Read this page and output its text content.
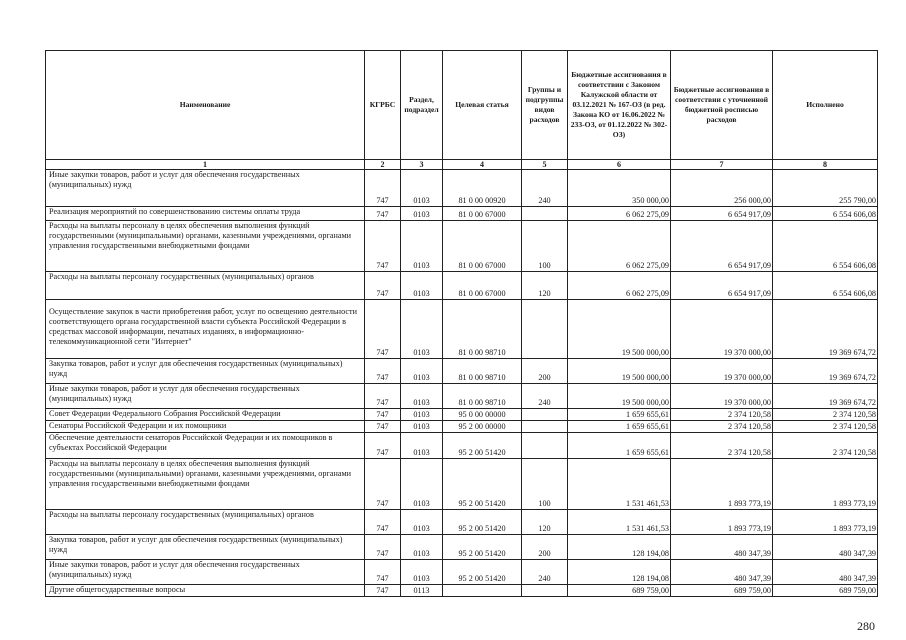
Наименование	КГРБС	Раздел, подраздел	Целевая статья	Группы и подгруппы видов расходов	Бюджетные ассигнования в соответствии с Законом Калужской области от 03.12.2021 № 167-ОЗ (в ред. Закона КО от 16.06.2022 № 233-ОЗ, от 01.12.2022 № 302-ОЗ)	Бюджетные ассигнования в соответствии с уточненной бюджетной росписью расходов	Исполнено
1	2	3	4	5	6	7	8
Иные закупки товаров, работ и услуг для обеспечения государственных (муниципальных) нужд	747	0103	81 0 00 00920	240	350 000,00	256 000,00	255 790,00
Реализация мероприятий по совершенствованию системы оплаты труда	747	0103	81 0 00 67000		6 062 275,09	6 654 917,09	6 554 606,08
Расходы на выплаты персоналу в целях обеспечения выполнения функций государственными (муниципальными) органами, казенными учреждениями, органами управления государственными внебюджетными фондами	747	0103	81 0 00 67000	100	6 062 275,09	6 654 917,09	6 554 606,08
Расходы на выплаты персоналу государственных (муниципальных) органов	747	0103	81 0 00 67000	120	6 062 275,09	6 654 917,09	6 554 606,08
Осуществление закупок в части приобретения работ, услуг по освещению деятельности соответствующего органа государственной власти субъекта Российской Федерации в средствах массовой информации, печатных изданиях, в информационно-телекоммуникационной сети "Интернет"	747	0103	81 0 00 98710		19 500 000,00	19 370 000,00	19 369 674,72
Закупка товаров, работ и услуг для обеспечения государственных (муниципальных) нужд	747	0103	81 0 00 98710	200	19 500 000,00	19 370 000,00	19 369 674,72
Иные закупки товаров, работ и услуг для обеспечения государственных (муниципальных) нужд	747	0103	81 0 00 98710	240	19 500 000,00	19 370 000,00	19 369 674,72
Совет Федерации Федерального Собрания Российской Федерации	747	0103	95 0 00 00000		1 659 655,61	2 374 120,58	2 374 120,58
Сенаторы Российской Федерации и их помощники	747	0103	95 2 00 00000		1 659 655,61	2 374 120,58	2 374 120,58
Обеспечение деятельности сенаторов Российской Федерации и их помощников в субъектах Российской Федерации	747	0103	95 2 00 51420		1 659 655,61	2 374 120,58	2 374 120,58
Расходы на выплаты персоналу в целях обеспечения выполнения функций государственными (муниципальными) органами, казенными учреждениями, органами управления государственными внебюджетными фондами	747	0103	95 2 00 51420	100	1 531 461,53	1 893 773,19	1 893 773,19
Расходы на выплаты персоналу государственных (муниципальных) органов	747	0103	95 2 00 51420	120	1 531 461,53	1 893 773,19	1 893 773,19
Закупка товаров, работ и услуг для обеспечения государственных (муниципальных) нужд	747	0103	95 2 00 51420	200	128 194,08	480 347,39	480 347,39
Иные закупки товаров, работ и услуг для обеспечения государственных (муниципальных) нужд	747	0103	95 2 00 51420	240	128 194,08	480 347,39	480 347,39
Другие общегосударственные вопросы	747	0113			689 759,00	689 759,00	689 759,00
280
